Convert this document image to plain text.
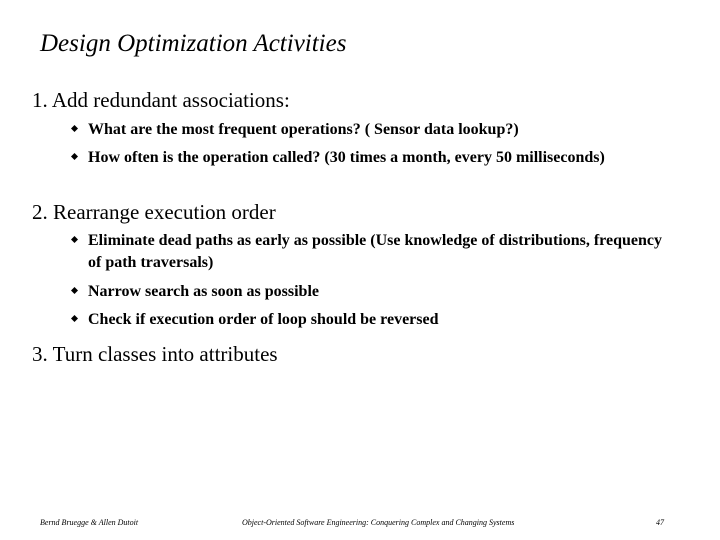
Design Optimization Activities
1. Add redundant associations:
What are the most frequent operations? ( Sensor data lookup?)
How often is the operation called? (30 times a month, every 50 milliseconds)
2. Rearrange execution order
Eliminate dead paths as early as possible (Use knowledge of distributions, frequency of path traversals)
Narrow search as soon as possible
Check if execution order of loop should be reversed
3. Turn classes into attributes
Bernd Bruegge & Allen Dutoit	Object-Oriented Software Engineering: Conquering Complex and Changing Systems	47
